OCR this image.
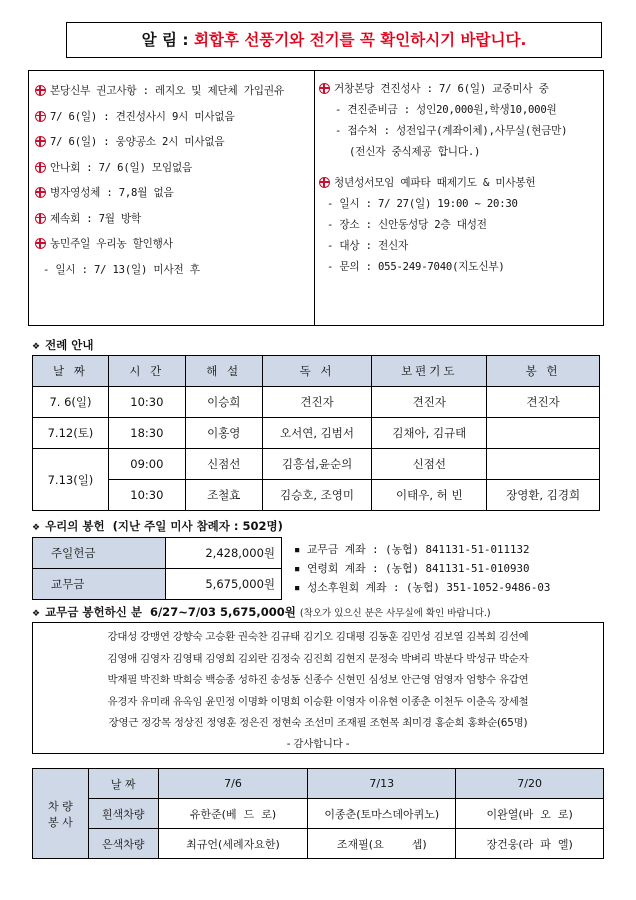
알 림 : 회합후 선풍기와 전기를 꼭 확인하시기 바랍니다.
본당신부 권고사항 : 레지오 및 제단체 가입권유
7/ 6(일) : 견진성사시 9시 미사없음
7/ 6(일) : 웅양공소 2시 미사없음
안나회 : 7/ 6(일) 모임없음
병자영성체 : 7,8월 없음
제속회 : 7월 방학
농민주일 우리농 할인행사
- 일시 : 7/ 13(일) 미사전 후
거창본당 견진성사 : 7/ 6(일) 교중미사 중
- 견진준비금 : 성인20,000원,학생10,000원
- 접수처 : 성전입구(계좌이체),사무실(현금만)
(전신자 중식제공 합니다.)
청년성서모임 예파타 때제기도 & 미사봉헌
- 일시 : 7/ 27(일) 19:00 ~ 20:30
- 장소 : 신안동성당 2층 대성전
- 대상 : 전신자
- 문의 : 055-249-7040(지도신부)
❖ 전례 안내
날 짜	시 간	해 설	독 서	보편기도	봉 헌
7. 6(일)	10:30	이승희	견진자	견진자	견진자
7.12(토)	18:30	이홍영	오서연, 김범서	김채아, 김규태	
7.13(일)	09:00	신점선	김흥섭,윤순의	신점선	
	10:30	조철효	김승호, 조영미	이태우, 허 빈	장영환, 김경희
❖ 우리의 봉헌 (지난 주일 미사 참례자 : 502명)
주일헌금	2,428,000원
교무금	5,675,000원
▪ 교무금 계좌 : (농협) 841131-51-011132
▪ 연령회 계좌 : (농협) 841131-51-010930
▪ 성소후원회 계좌 : (농협) 351-1052-9486-03
❖ 교무금 봉헌하신 분 6/27~7/03 5,675,000원 (착오가 있으신 분은 사무실에 확인 바랍니다.)
강대성 강맹연 강향숙 고승환 권숙찬 김규태 김기오 김대평 김동훈 김민성 김보열 김복희 김선예
김영애 김영자 김영태 김영희 김외란 김정숙 김진희 김현지 문정숙 박벼리 박분다 박성규 박순자
박재필 박진화 박희승 백승종 성하진 송성동 신종수 신현민 심성보 안근영 엄영자 엄향수 유갑연
유경자 유미래 유옥임 윤민정 이명화 이명희 이승환 이영자 이유현 이종춘 이천두 이춘옥 장세철
장영근 정강목 정상진 정영훈 정은진 정현숙 조선미 조재필 조현목 최미경 홍순희 홍화순(65명)
- 감사합니다 -
차 량
봉 사	날 짜	7/6	7/13	7/20
	흰색차량	유한준(베  드  로)	이종춘(토마스데아퀴노)	이완열(바  오  로)
	은색차량	최규언(세례자요한)	조재필(요        셉)	장건웅(라  파  엘)
